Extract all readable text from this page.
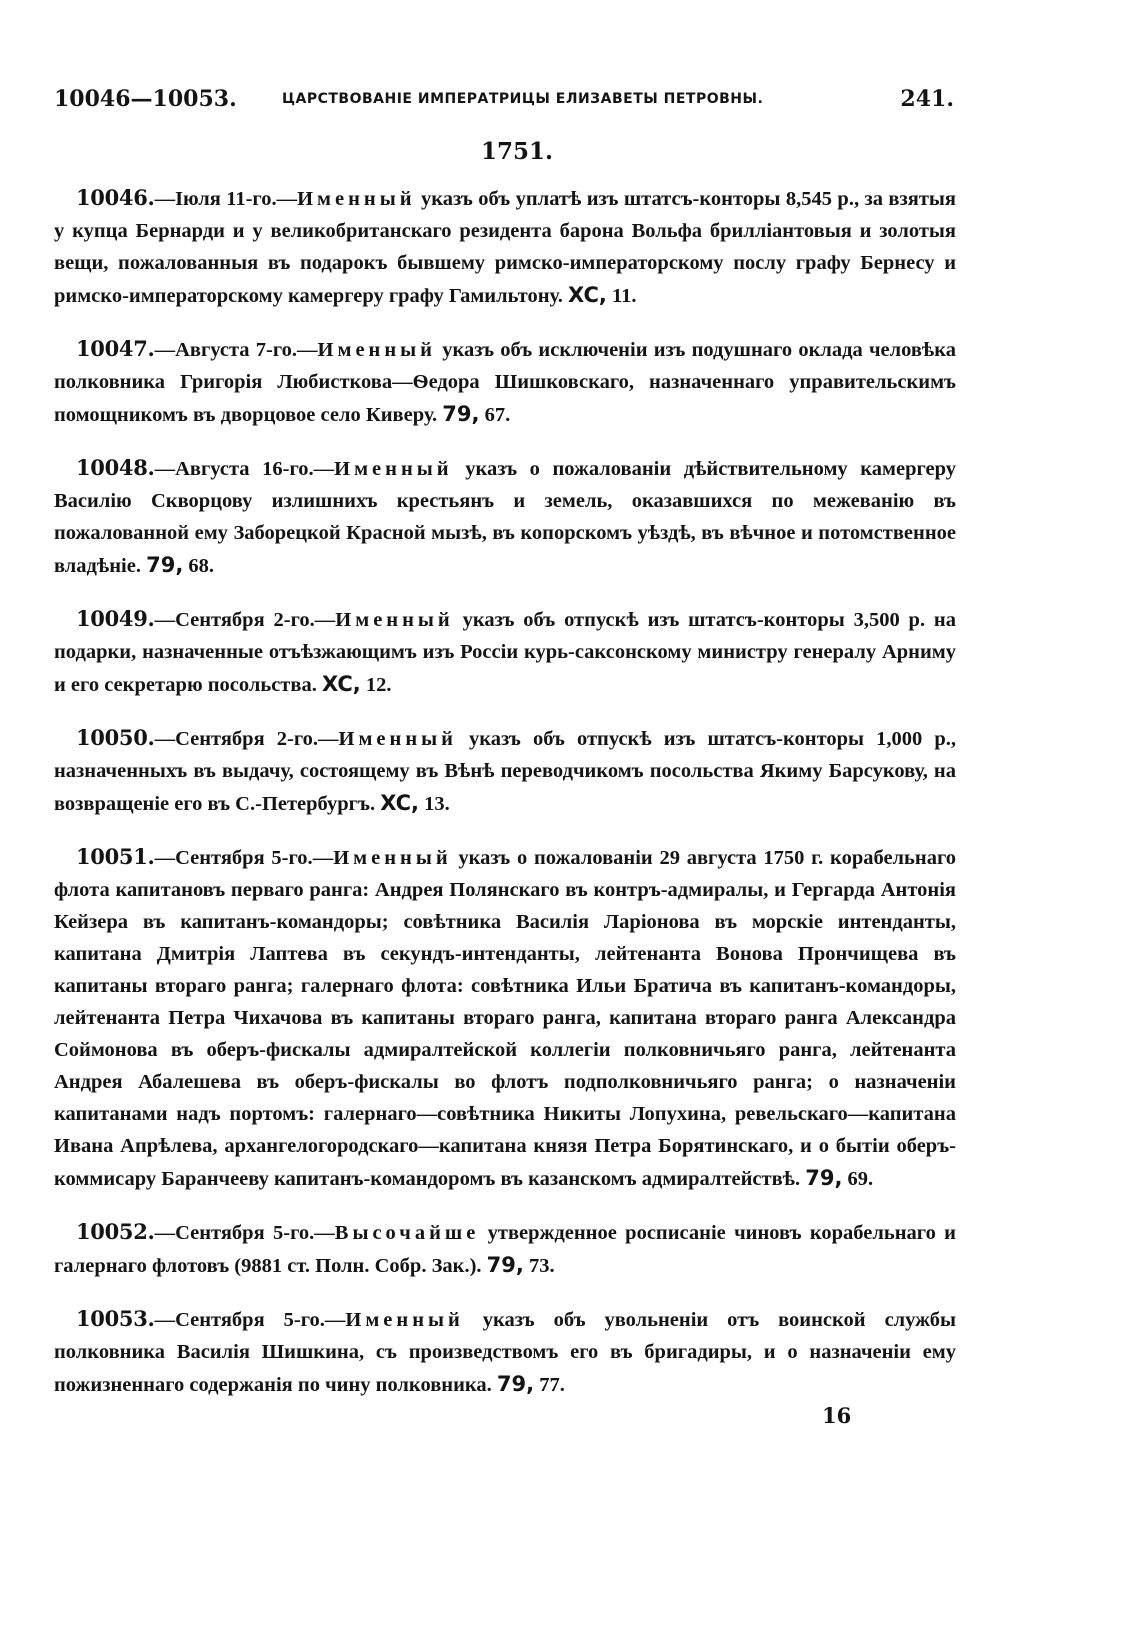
10046—10053.	ЦАРСТВОВАНІЕ ИМПЕРАТРИЦЫ ЕЛИЗАВЕТЫ ПЕТРОВНЫ.	241.
1751.

10046.—Іюля 11-го.—Именный указъ объ уплатѣ изъ штатсъ-конторы 8,545 р., за взятыя у купца Бернарди и у великобританскаго резидента барона Вольфа брилліантовыя и золотыя вещи, пожалованныя въ подарокъ бывшему римско-императорскому послу графу Бернесу и римско-императорскому камергеру графу Гамильтону. XC, 11.

10047.—Августа 7-го.—Именный указъ объ исключеніи изъ подушнаго оклада человѣка полковника Григорія Любисткова—Ѳедора Шишковскаго, назначеннаго управительскимъ помощникомъ въ дворцовое село Киверу. 79, 67.

10048.—Августа 16-го.—Именный указъ о пожалованіи дѣйствительному камергеру Василію Скворцову излишнихъ крестьянъ и земель, оказавшихся по межеванію въ пожалованной ему Заборецкой Красной мызѣ, въ копорскомъ уѣздѣ, въ вѣчное и потомственное владѣніе. 79, 68.

10049.—Сентября 2-го.—Именный указъ объ отпускѣ изъ штатсъ-конторы 3,500 р. на подарки, назначенные отъѣзжающимъ изъ Россіи курь-саксонскому министру генералу Арниму и его секретарю посольства. XC, 12.

10050.—Сентября 2-го.—Именный указъ объ отпускѣ изъ штатсъ-конторы 1,000 р., назначенныхъ въ выдачу, состоящему въ Вѣнѣ переводчикомъ посольства Якиму Барсукову, на возвращеніе его въ С.-Петербургъ. XC, 13.

10051.—Сентября 5-го.—Именный указъ о пожалованіи 29 августа 1750 г. корабельнаго флота капитановъ перваго ранга: Андрея Полянскаго въ контръ-адмиралы, и Гергарда Антонія Кейзера въ капитанъ-командоры; совѣтника Василія Ларіонова въ морскіе интенданты, капитана Дмитрія Лаптева въ секундъ-интенданты, лейтенанта Вонова Прончищева въ капитаны втораго ранга; галернаго флота: совѣтника Ильи Братича въ капитанъ-командоры, лейтенанта Петра Чихачова въ капитаны втораго ранга, капитана втораго ранга Александра Соймонова въ оберъ-фискалы адмиралтейской коллегіи полковничьяго ранга, лейтенанта Андрея Абалешева въ оберъ-фискалы во флотъ подполковничьяго ранга; о назначеніи капитанами надъ портомъ: галернаго—совѣтника Никиты Лопухина, ревельскаго—капитана Ивана Апрѣлева, архангелогородскаго—капитана князя Петра Борятинскаго, и о бытіи оберъ-коммисару Баранчееву капитанъ-командоромъ въ казанскомъ адмиралтействѣ. 79, 69.

10052.—Сентября 5-го.—Высочайше утвержденное росписаніе чиновъ корабельнаго и галернаго флотовъ (9881 ст. Полн. Собр. Зак.). 79, 73.

10053.—Сентября 5-го.—Именный указъ объ увольненіи отъ воинской службы полковника Василія Шишкина, съ произведствомъ его въ бригадиры, и о назначеніи ему пожизненнаго содержанія по чину полковника. 79, 77.

16
